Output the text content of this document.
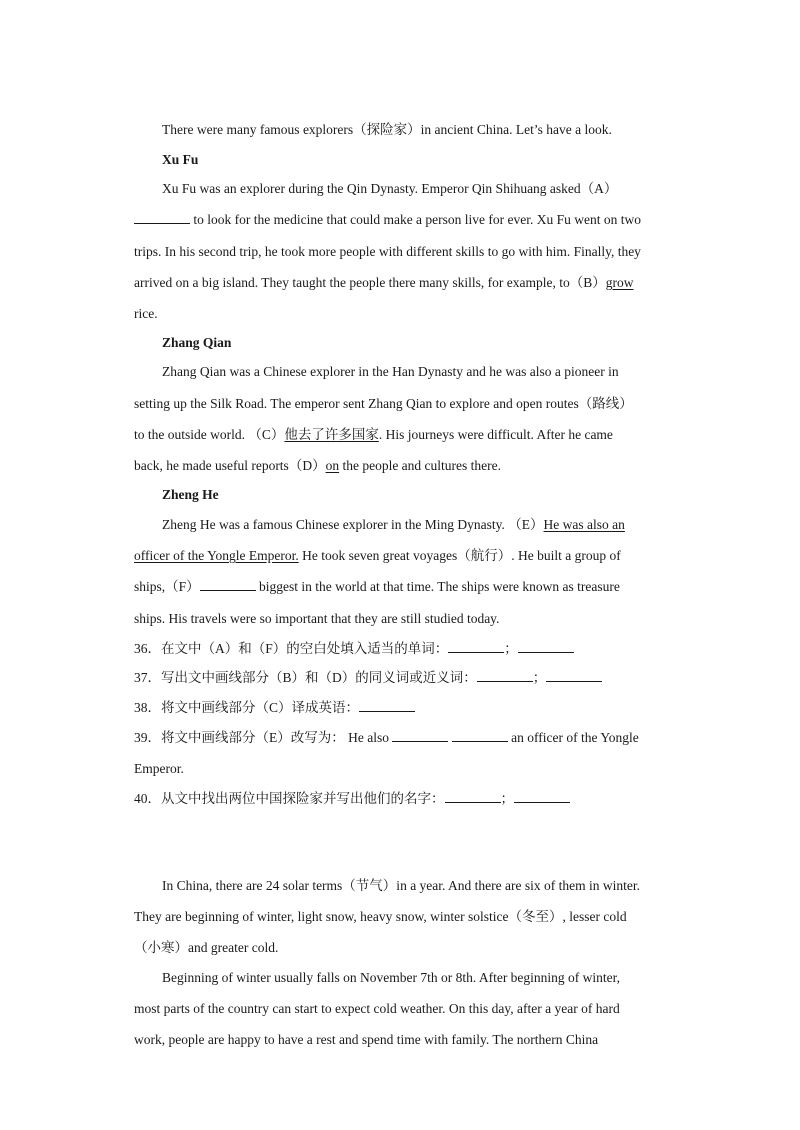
There were many famous explorers（探险家）in ancient China. Let’s have a look.
Xu Fu
Xu Fu was an explorer during the Qin Dynasty. Emperor Qin Shihuang asked（A）
to look for the medicine that could make a person live for ever. Xu Fu went on two
trips. In his second trip, he took more people with different skills to go with him. Finally, they
arrived on a big island. They taught the people there many skills, for example, to（B）grow
rice.
Zhang Qian
Zhang Qian was a Chinese explorer in the Han Dynasty and he was also a pioneer in
setting up the Silk Road. The emperor sent Zhang Qian to explore and open routes（路线）
to the outside world. （C）他去了许多国家. His journeys were difficult. After he came
back, he made useful reports（D）on the people and cultures there.
Zheng He
Zheng He was a famous Chinese explorer in the Ming Dynasty. （E）He was also an
officer of the Yongle Emperor. He took seven great voyages（航行）. He built a group of
ships,（F）	biggest in the world at that time. The ships were known as treasure
ships. His travels were so important that they are still studied today.
36．在文中（A）和（F）的空白处填入适当的单词：	；
37．写出文中画线部分（B）和（D）的同义词或近义词：	；
38．将文中画线部分（C）译成英语：
39．将文中画线部分（E）改写为： He also	an officer of the Yongle
Emperor.
40．从文中找出两位中国探险家并写出他们的名字：	；
In China, there are 24 solar terms（节气）in a year. And there are six of them in winter.
They are beginning of winter, light snow, heavy snow, winter solstice（冬至）, lesser cold
（小寒）and greater cold.
Beginning of winter usually falls on November 7th or 8th. After beginning of winter,
most parts of the country can start to expect cold weather. On this day, after a year of hard
work, people are happy to have a rest and spend time with family. The northern China
